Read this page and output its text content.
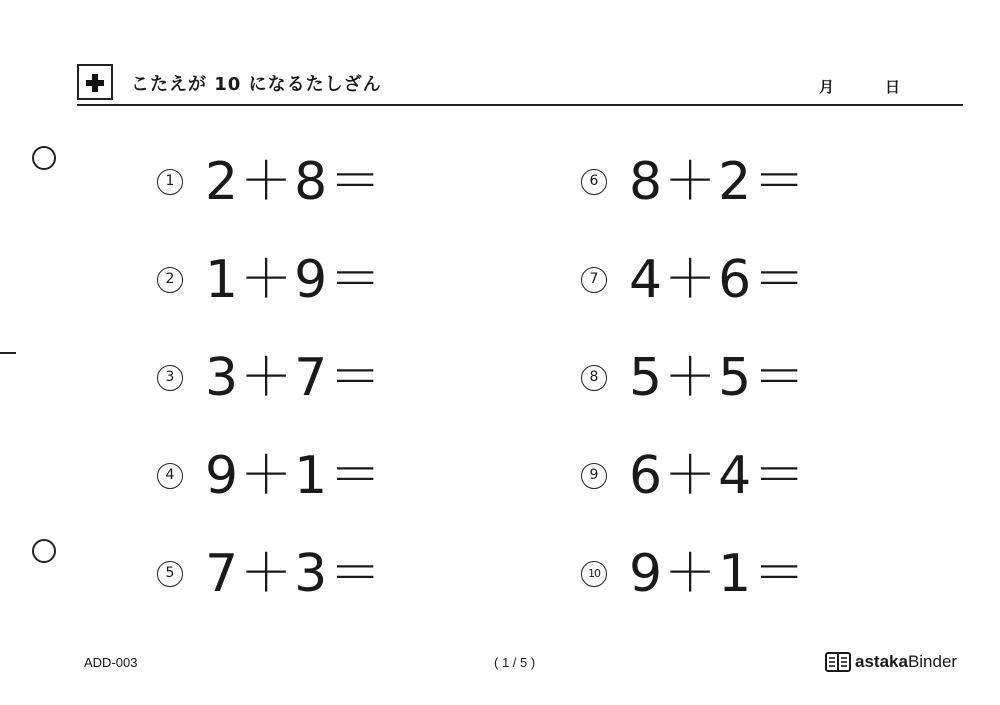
こたえが 10 になるたしざん	月	日
1 2＋8＝
2 1＋9＝
3 3＋7＝
4 9＋1＝
5 7＋3＝
6 8＋2＝
7 4＋6＝
8 5＋5＝
9 6＋4＝
10 9＋1＝
ADD-003	( 1 / 5 )	astaka Binder
